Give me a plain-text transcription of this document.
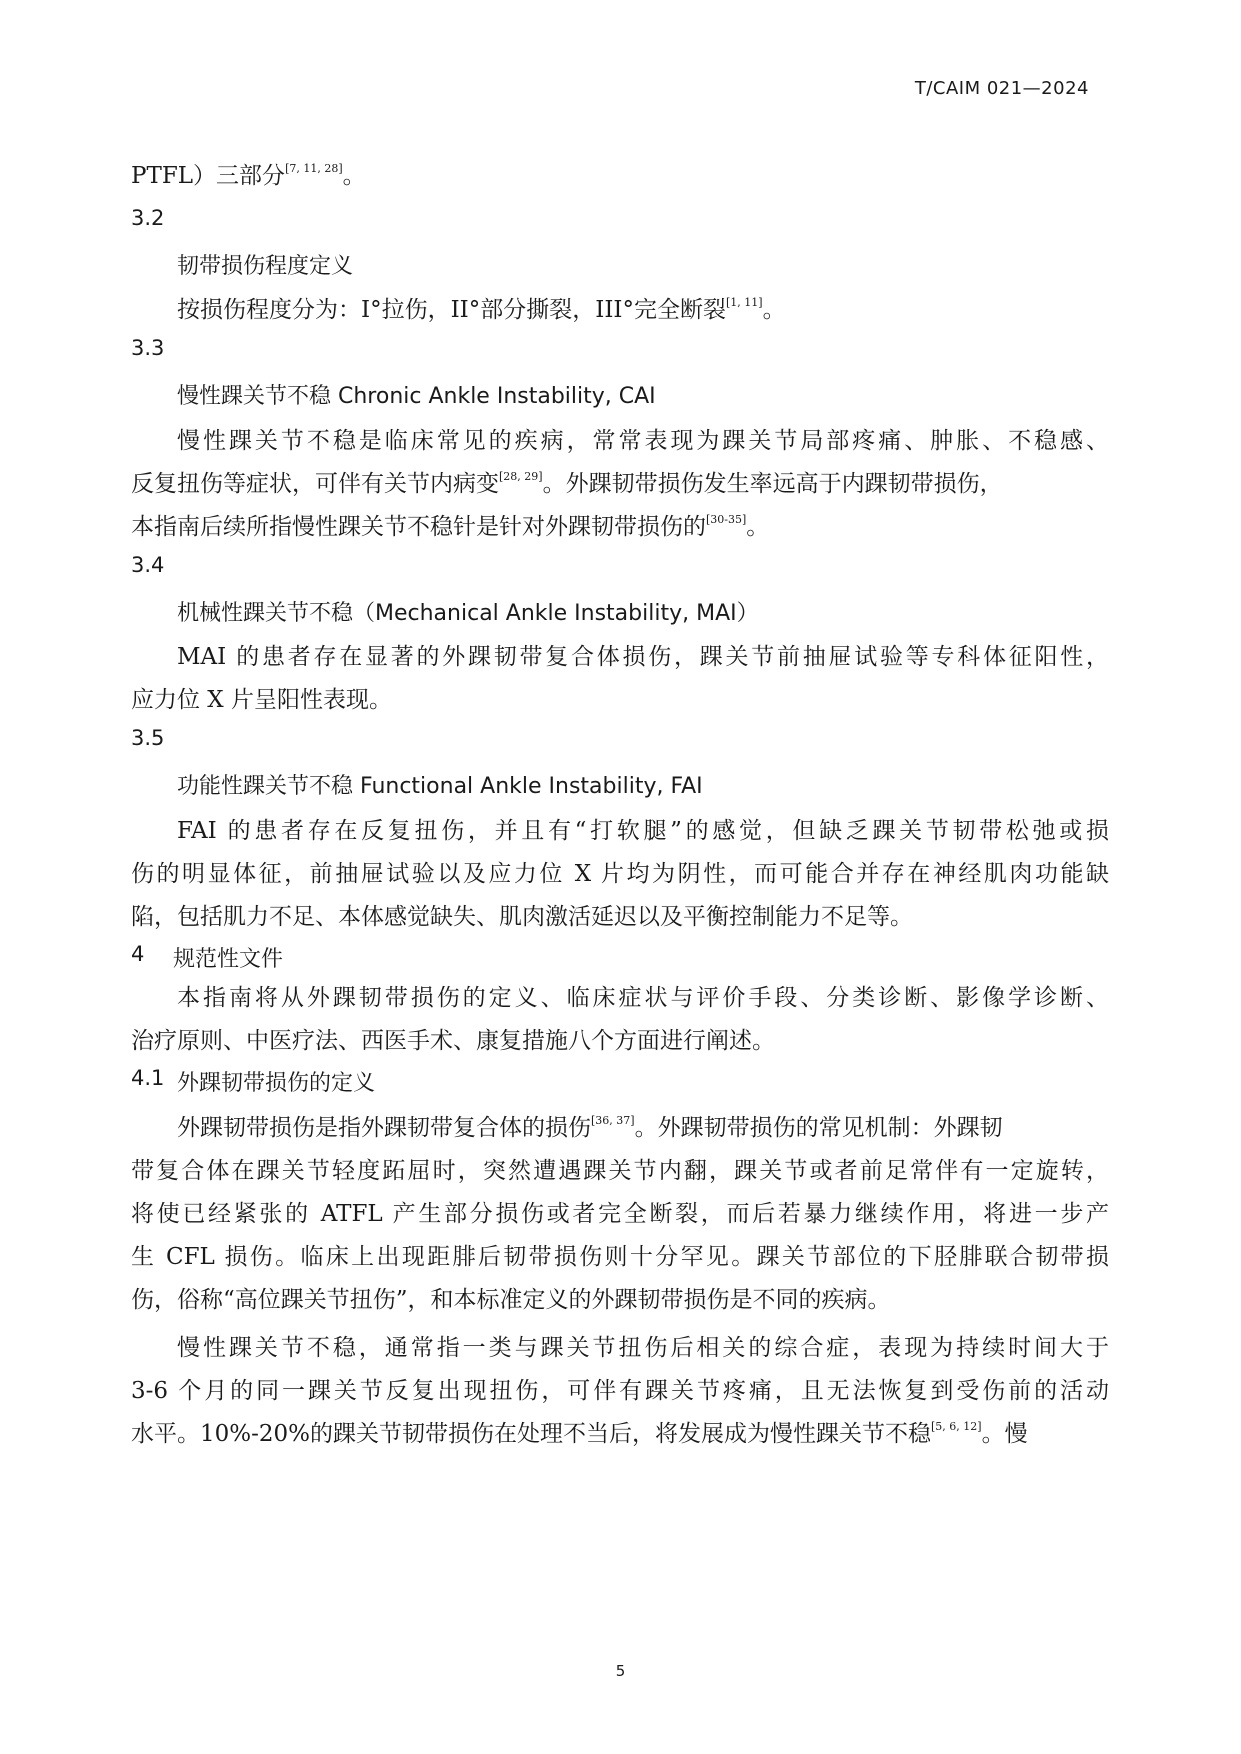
T/CAIM 021—2024
PTFL）三部分[7, 11, 28]。
3.2
韧带损伤程度定义
按损伤程度分为：I°拉伤，II°部分撕裂，III°完全断裂[1, 11]。
3.3
慢性踝关节不稳 Chronic Ankle Instability, CAI
慢性踝关节不稳是临床常见的疾病，常常表现为踝关节局部疼痛、肿胀、不稳感、
反复扭伤等症状，可伴有关节内病变[28, 29]。外踝韧带损伤发生率远高于内踝韧带损伤，
本指南后续所指慢性踝关节不稳针是针对外踝韧带损伤的[30-35]。
3.4
机械性踝关节不稳（Mechanical Ankle Instability, MAI）
MAI 的患者存在显著的外踝韧带复合体损伤，踝关节前抽屉试验等专科体征阳性，
应力位 X 片呈阳性表现。
3.5
功能性踝关节不稳 Functional Ankle Instability, FAI
FAI 的患者存在反复扭伤，并且有“打软腿”的感觉，但缺乏踝关节韧带松弛或损
伤的明显体征，前抽屉试验以及应力位 X 片均为阴性，而可能合并存在神经肌肉功能缺
陷，包括肌力不足、本体感觉缺失、肌肉激活延迟以及平衡控制能力不足等。
4 规范性文件
本指南将从外踝韧带损伤的定义、临床症状与评价手段、分类诊断、影像学诊断、
治疗原则、中医疗法、西医手术、康复措施八个方面进行阐述。
4.1 外踝韧带损伤的定义
外踝韧带损伤是指外踝韧带复合体的损伤[36, 37]。外踝韧带损伤的常见机制：外踝韧
带复合体在踝关节轻度跖屈时，突然遭遇踝关节内翻，踝关节或者前足常伴有一定旋转，
将使已经紧张的 ATFL 产生部分损伤或者完全断裂，而后若暴力继续作用，将进一步产
生 CFL 损伤。临床上出现距腓后韧带损伤则十分罕见。踝关节部位的下胫腓联合韧带损
伤，俗称“高位踝关节扭伤”，和本标准定义的外踝韧带损伤是不同的疾病。
慢性踝关节不稳，通常指一类与踝关节扭伤后相关的综合症，表现为持续时间大于
3-6 个月的同一踝关节反复出现扭伤，可伴有踝关节疼痛，且无法恢复到受伤前的活动
水平。10%-20%的踝关节韧带损伤在处理不当后，将发展成为慢性踝关节不稳[5, 6, 12]。慢
5
